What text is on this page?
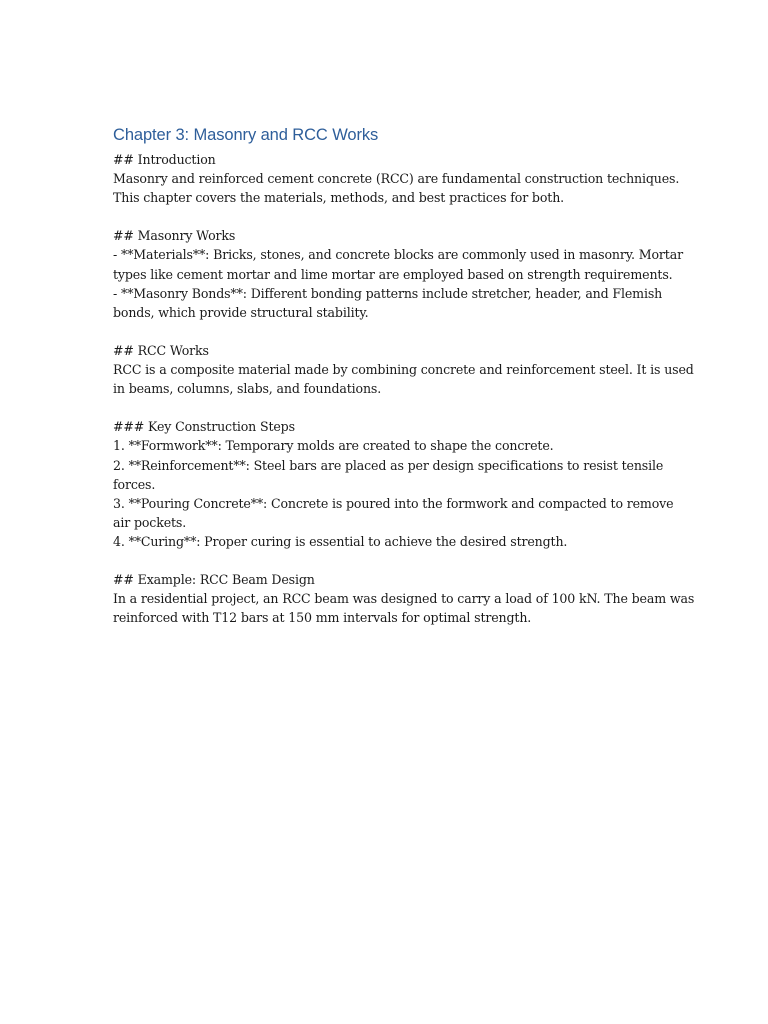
Chapter 3: Masonry and RCC Works
## Introduction
Masonry and reinforced cement concrete (RCC) are fundamental construction techniques.
This chapter covers the materials, methods, and best practices for both.
## Masonry Works
- **Materials**: Bricks, stones, and concrete blocks are commonly used in masonry. Mortar
types like cement mortar and lime mortar are employed based on strength requirements.
- **Masonry Bonds**: Different bonding patterns include stretcher, header, and Flemish
bonds, which provide structural stability.
## RCC Works
RCC is a composite material made by combining concrete and reinforcement steel. It is used
in beams, columns, slabs, and foundations.
### Key Construction Steps
1. **Formwork**: Temporary molds are created to shape the concrete.
2. **Reinforcement**: Steel bars are placed as per design specifications to resist tensile
forces.
3. **Pouring Concrete**: Concrete is poured into the formwork and compacted to remove
air pockets.
4. **Curing**: Proper curing is essential to achieve the desired strength.
## Example: RCC Beam Design
In a residential project, an RCC beam was designed to carry a load of 100 kN. The beam was
reinforced with T12 bars at 150 mm intervals for optimal strength.
